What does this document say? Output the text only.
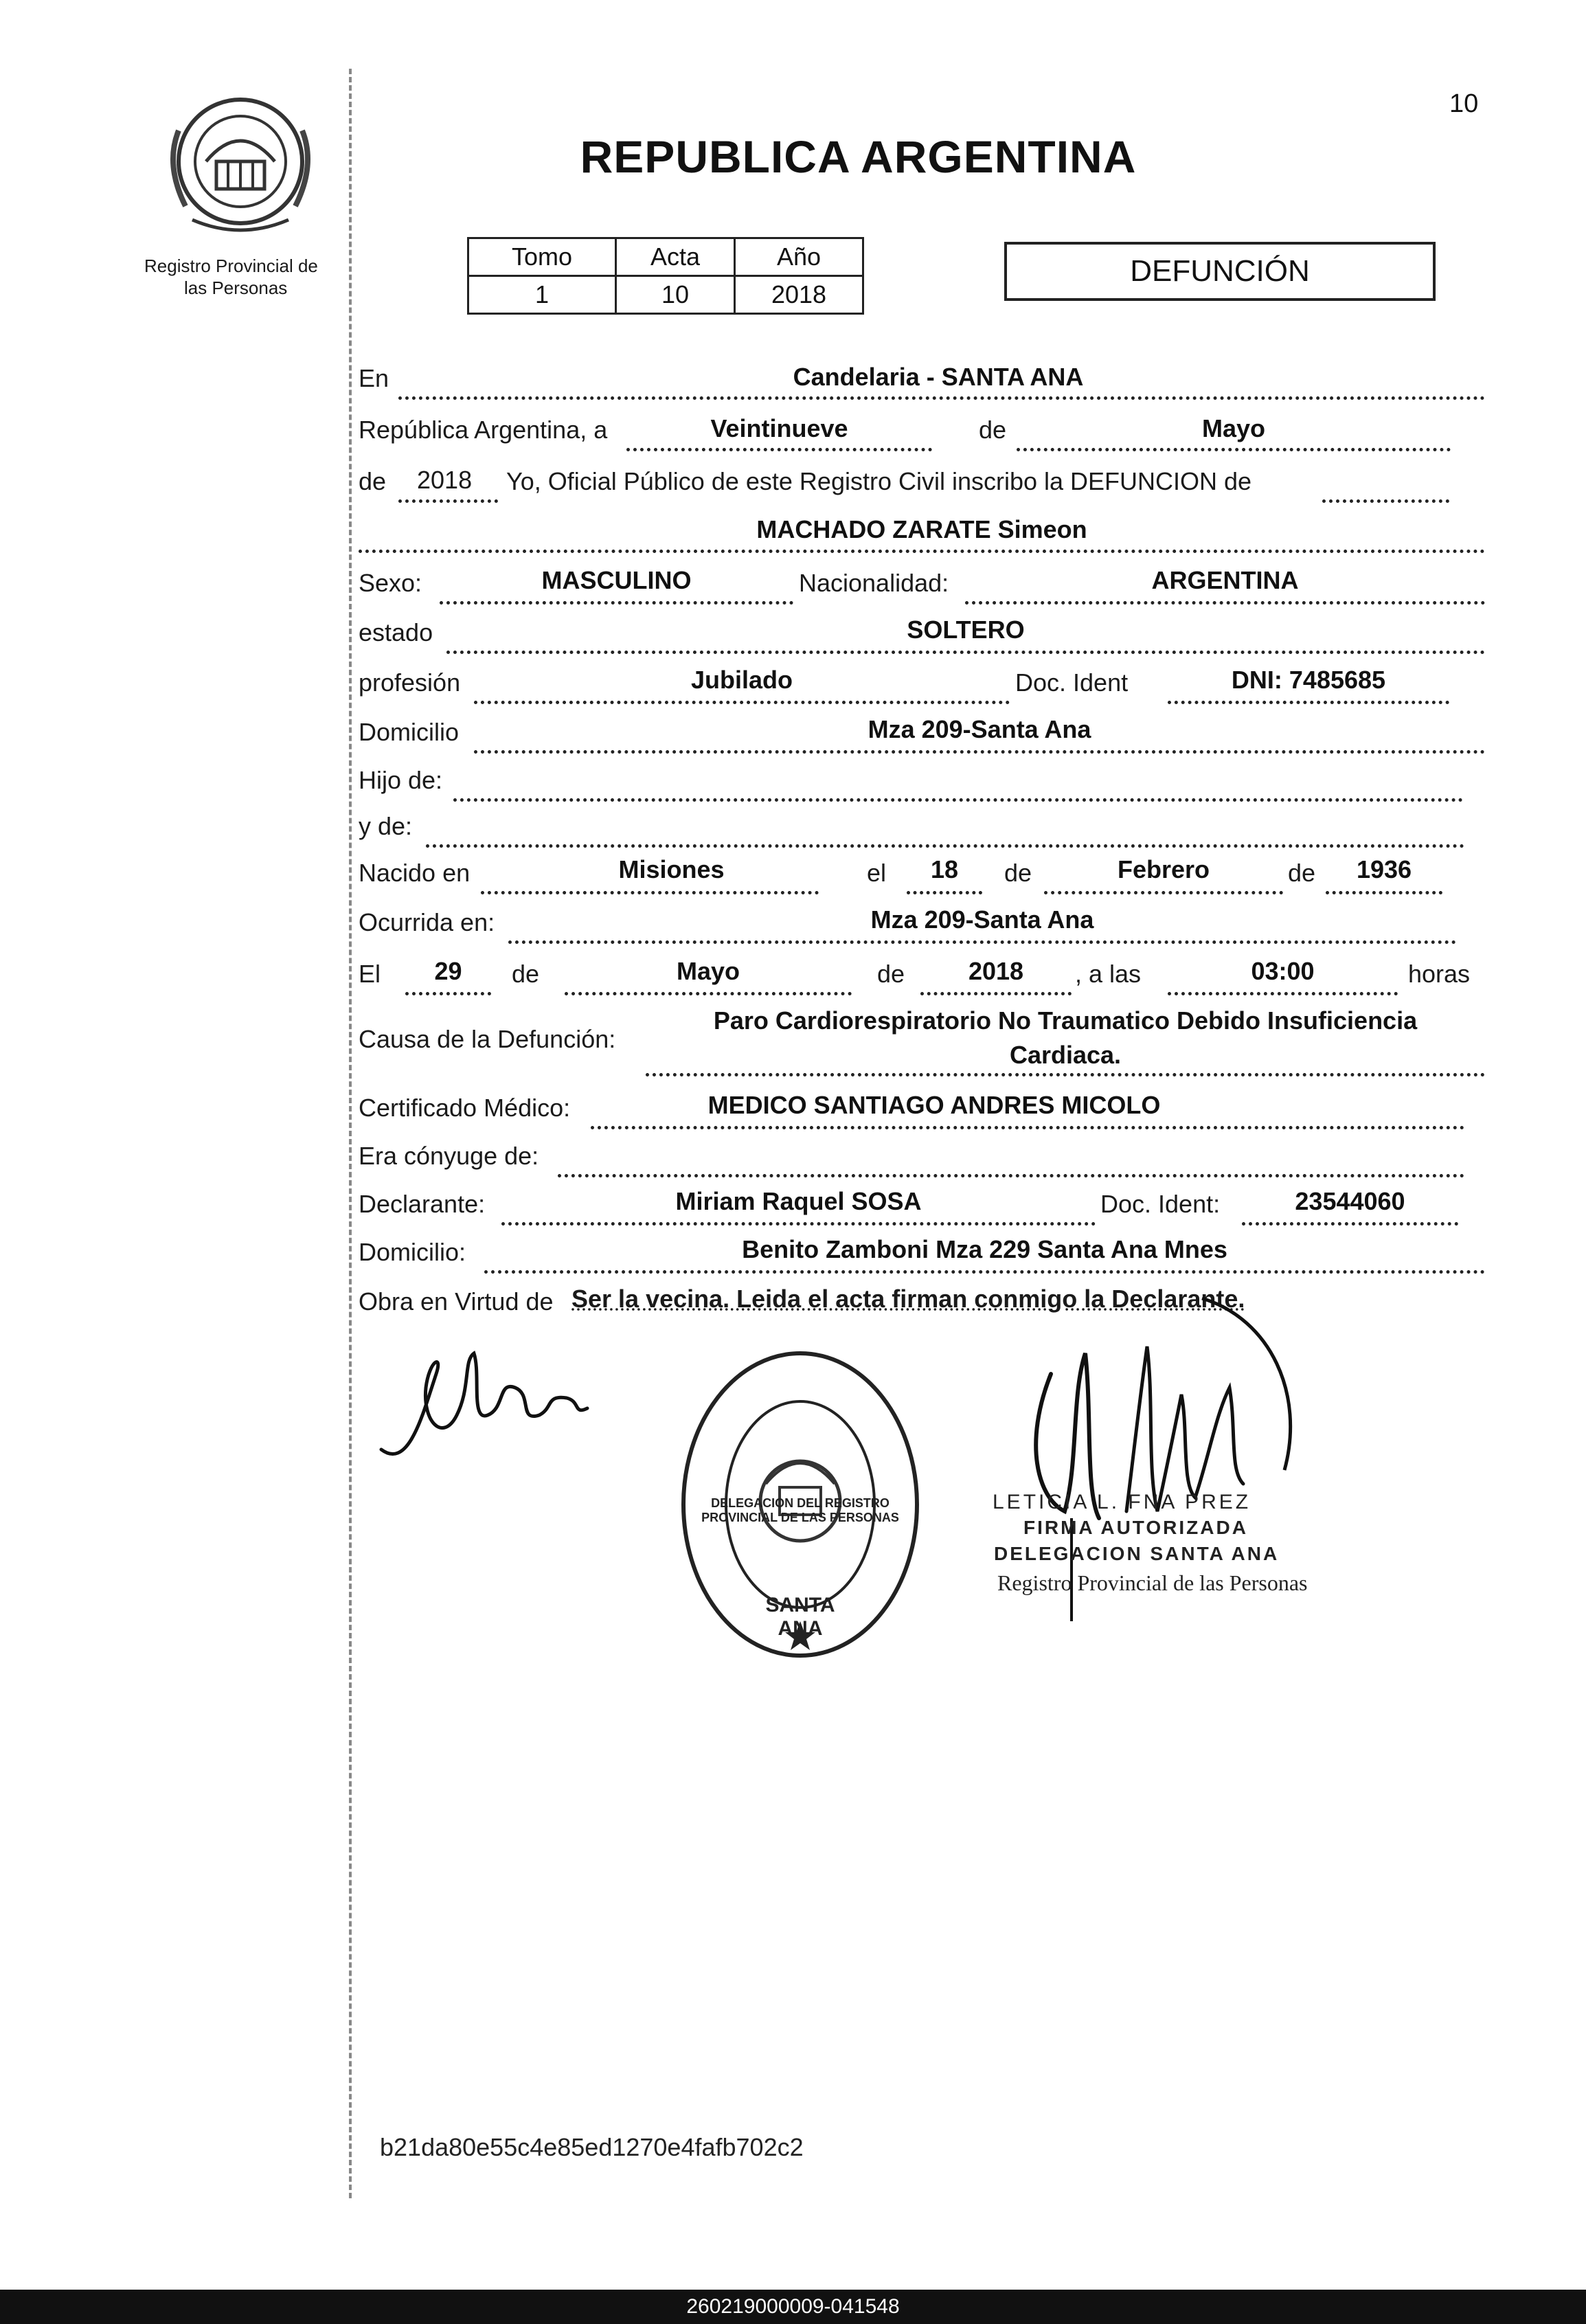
10
Registro Provincial de
las Personas
REPUBLICA ARGENTINA
Tomo	Acta	Año
1	10	2018
DEFUNCIÓN
En	Candelaria - SANTA ANA
República Argentina, a	Veintinueve	de	Mayo
de 2018 Yo, Oficial Público de este Registro Civil inscribo la DEFUNCION de
MACHADO ZARATE Simeon
Sexo:	MASCULINO	Nacionalidad:	ARGENTINA
estado	SOLTERO
profesión	Jubilado	Doc. Ident	DNI: 7485685
Domicilio	Mza 209-Santa Ana
Hijo de:
y de:
Nacido en	Misiones	el	18	de	Febrero	de	1936
Ocurrida en:	Mza 209-Santa Ana
El	29	de	Mayo	de	2018	, a las	03:00	horas
Causa de la Defunción:
Paro Cardiorespiratorio No Traumatico Debido Insuficiencia
Cardiaca.
Certificado Médico:	MEDICO SANTIAGO ANDRES MICOLO
Era cónyuge de:
Declarante:	Miriam Raquel SOSA	Doc. Ident:	23544060
Domicilio:	Benito Zamboni Mza 229 Santa Ana Mnes
Obra en Virtud de Ser la vecina. Leida el acta firman conmigo la Declarante.
DELEGACION DEL REGISTRO PROVINCIAL DE LAS PERSONAS
SANTA ANA
LETICIA L. FNA PREZ
FIRMA AUTORIZADA
DELEGACION SANTA ANA
Registro Provincial de las Personas
b21da80e55c4e85ed1270e4fafb702c2
260219000009-041548
